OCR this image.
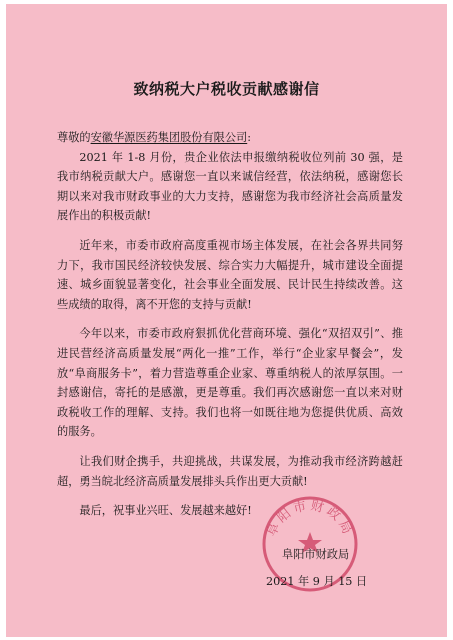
致纳税大户税收贡献感谢信

尊敬的安徽华源医药集团股份有限公司:

2021 年 1-8 月份，贵企业依法申报缴纳税收位列前 30 强，是我市纳税贡献大户。感谢您一直以来诚信经营，依法纳税，感谢您长期以来对我市财政事业的大力支持，感谢您为我市经济社会高质量发展作出的积极贡献!

近年来，市委市政府高度重视市场主体发展，在社会各界共同努力下，我市国民经济较快发展、综合实力大幅提升，城市建设全面提速、城乡面貌显著变化，社会事业全面发展、民计民生持续改善。这些成绩的取得，离不开您的支持与贡献!

今年以来，市委市政府狠抓优化营商环境、强化“双招双引”、推进民营经济高质量发展“两化一推”工作，举行“企业家早餐会”，发放“阜商服务卡”，着力营造尊重企业家、尊重纳税人的浓厚氛围。一封感谢信，寄托的是感激，更是尊重。我们再次感谢您一直以来对财政税收工作的理解、支持。我们也将一如既往地为您提供优质、高效的服务。

让我们财企携手，共迎挑战，共谋发展，为推动我市经济跨越赶超，勇当皖北经济高质量发展排头兵作出更大贡献!

最后，祝事业兴旺、发展越来越好!

阜阳市财政局
阜阳市财政局
2021 年 9 月 15 日
